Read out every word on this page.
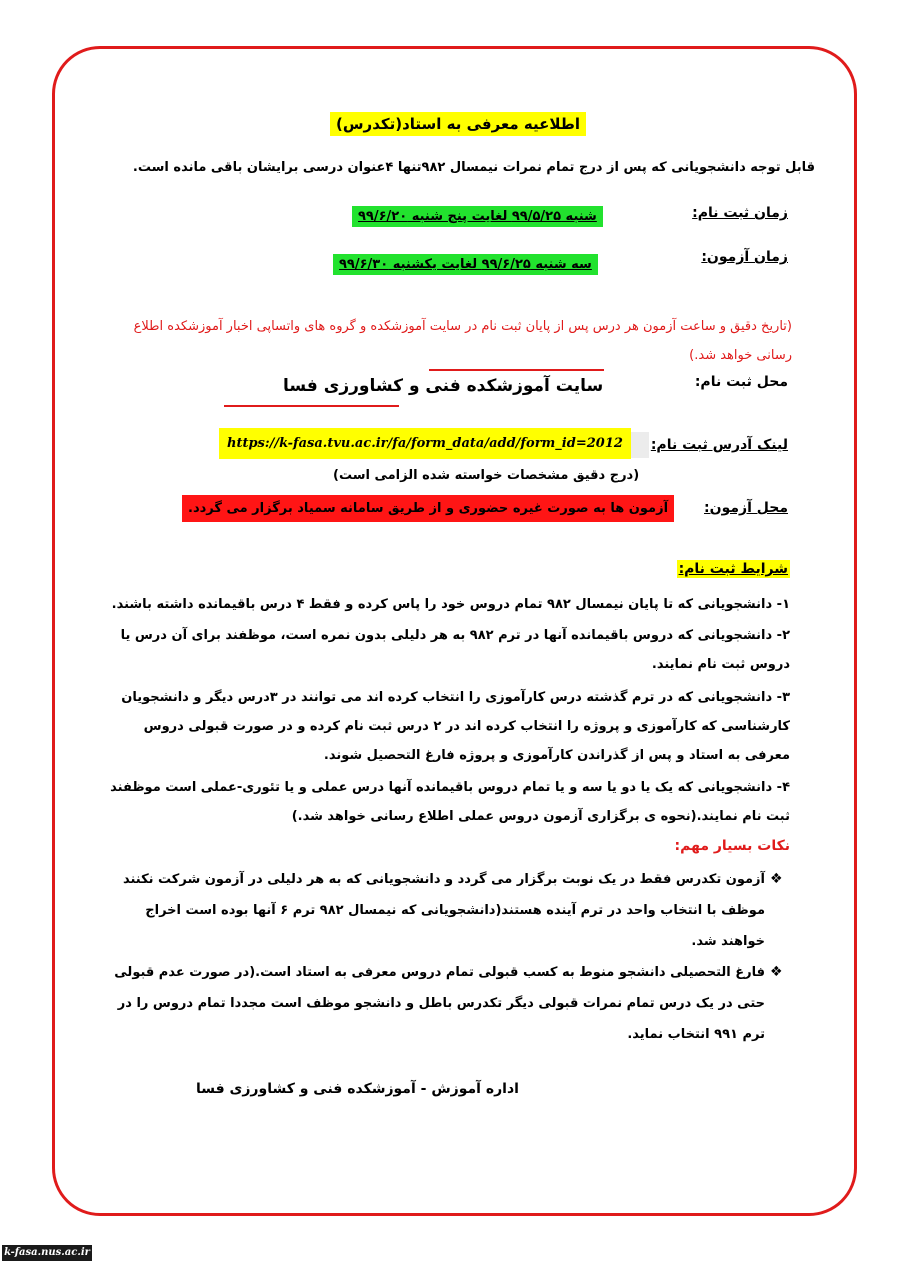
اطلاعیه معرفی به استاد(تکدرس)
قابل توجه دانشجویانی که پس از درج تمام نمرات نیمسال ۹۸۲تنها ۴عنوان درسی برایشان باقی مانده است.
زمان ثبت نام:
شنبه ۹۹/۵/۲۵ لغایت پنج شنبه ۹۹/۶/۲۰
زمان آزمون:
سه شنبه ۹۹/۶/۲۵ لغایت یکشنبه ۹۹/۶/۳۰
(تاریخ دقیق و ساعت آزمون هر درس پس از پایان ثبت نام در سایت آموزشکده و گروه های واتساپی اخبار آموزشکده اطلاع رسانی خواهد شد.)
محل ثبت نام:
سایت آموزشکده فنی و کشاورزی فسا
لینک آدرس ثبت نام:
https://k-fasa.tvu.ac.ir/fa/form_data/add/form_id=2012
(درج دقیق مشخصات خواسته شده الزامی است)
محل آزمون:
آزمون ها به صورت غیره حضوری و از طریق سامانه سمیاد برگزار می گردد.
شرایط ثبت نام:
۱- دانشجویانی که تا پایان نیمسال ۹۸۲ تمام دروس خود را پاس کرده و فقط ۴ درس باقیمانده داشته باشند.
۲- دانشجویانی که دروس باقیمانده آنها در ترم ۹۸۲ به هر دلیلی بدون نمره است، موظفند برای آن درس یا دروس ثبت نام نمایند.
۳- دانشجویانی که در ترم گذشته درس کارآموزی را انتخاب کرده اند می توانند در ۳درس دیگر و دانشجویان کارشناسی که کارآموزی و پروژه را انتخاب کرده اند در ۲ درس ثبت نام کرده و در صورت قبولی دروس معرفی به استاد و پس از گذراندن کارآموزی و پروژه فارغ التحصیل شوند.
۴- دانشجویانی که یک یا دو یا سه و یا تمام دروس باقیمانده آنها درس عملی و یا تئوری-عملی است موظفند ثبت نام نمایند.(نحوه ی برگزاری آزمون دروس عملی اطلاع رسانی خواهد شد.)
نکات بسیار مهم:
❖
آزمون تکدرس فقط در یک نوبت برگزار می گردد و دانشجویانی که به هر دلیلی در آزمون شرکت نکنند موظف با انتخاب واحد در ترم آینده هستند(دانشجویانی که نیمسال ۹۸۲ ترم ۶ آنها بوده است اخراج خواهند شد.
❖
فارغ التحصیلی دانشجو منوط به کسب قبولی تمام دروس معرفی به استاد است.(در صورت عدم قبولی حتی در یک درس تمام نمرات قبولی دیگر تکدرس باطل و دانشجو موظف است مجددا تمام دروس را در ترم ۹۹۱ انتخاب نماید.
اداره آموزش - آموزشکده فنی و کشاورزی فسا
k-fasa.nus.ac.ir
